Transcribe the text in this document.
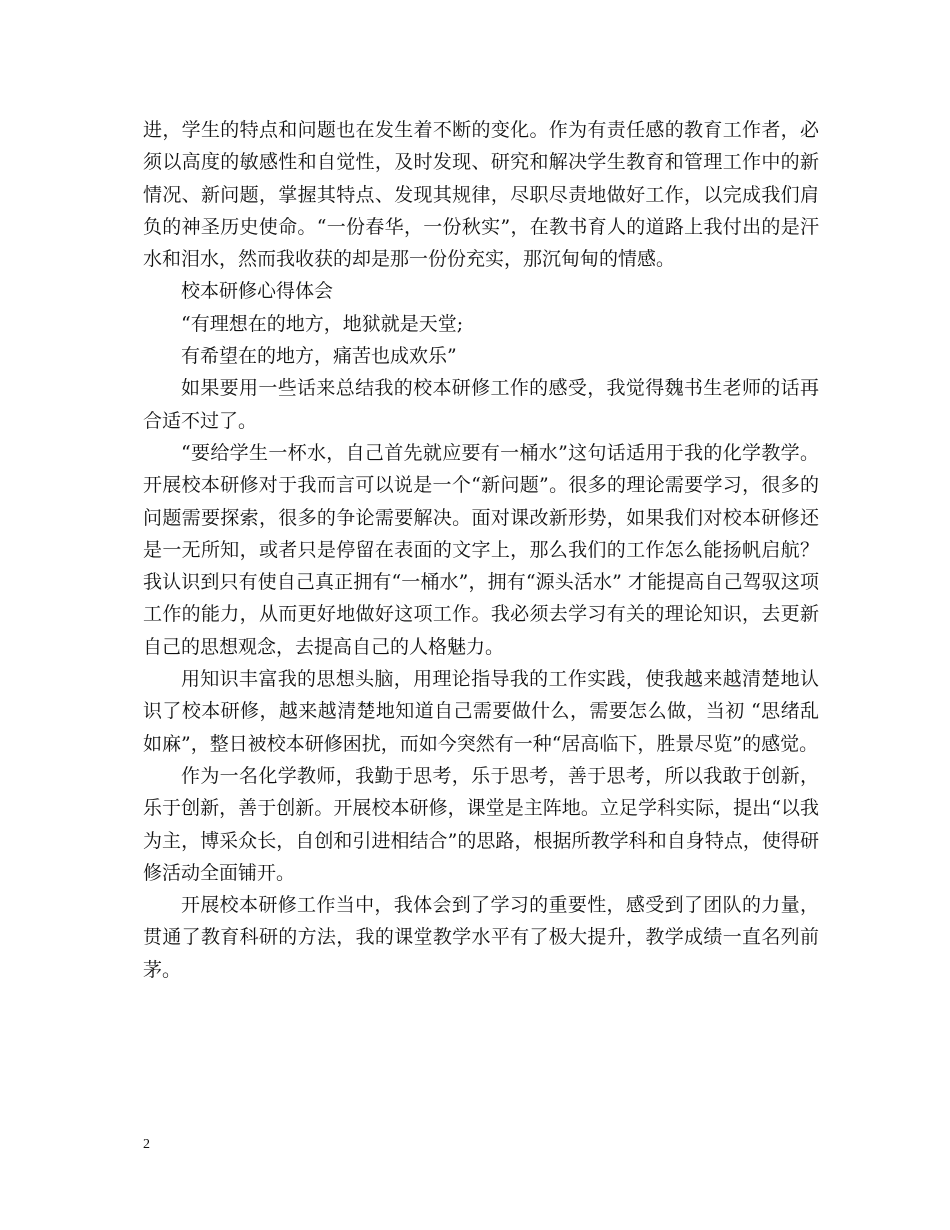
进，学生的特点和问题也在发生着不断的变化。作为有责任感的教育工作者，必须以高度的敏感性和自觉性，及时发现、研究和解决学生教育和管理工作中的新情况、新问题，掌握其特点、发现其规律，尽职尽责地做好工作，以完成我们肩负的神圣历史使命。“一份春华，一份秋实”，在教书育人的道路上我付出的是汗水和泪水，然而我收获的却是那一份份充实，那沉甸甸的情感。

校本研修心得体会

“有理想在的地方，地狱就是天堂;

有希望在的地方，痛苦也成欢乐”

如果要用一些话来总结我的校本研修工作的感受，我觉得魏书生老师的话再合适不过了。

“要给学生一杯水，自己首先就应要有一桶水”这句话适用于我的化学教学。开展校本研修对于我而言可以说是一个“新问题”。很多的理论需要学习，很多的问题需要探索，很多的争论需要解决。面对课改新形势，如果我们对校本研修还是一无所知，或者只是停留在表面的文字上，那么我们的工作怎么能扬帆启航？我认识到只有使自己真正拥有“一桶水”，拥有“源头活水” 才能提高自己驾驭这项工作的能力，从而更好地做好这项工作。我必须去学习有关的理论知识，去更新自己的思想观念，去提高自己的人格魅力。

用知识丰富我的思想头脑，用理论指导我的工作实践，使我越来越清楚地认识了校本研修，越来越清楚地知道自己需要做什么，需要怎么做，当初 “思绪乱如麻”，整日被校本研修困扰，而如今突然有一种“居高临下，胜景尽览”的感觉。

作为一名化学教师，我勤于思考，乐于思考，善于思考，所以我敢于创新，乐于创新，善于创新。开展校本研修，课堂是主阵地。立足学科实际，提出“以我为主，博采众长，自创和引进相结合”的思路，根据所教学科和自身特点，使得研修活动全面铺开。

开展校本研修工作当中，我体会到了学习的重要性，感受到了团队的力量，贯通了教育科研的方法，我的课堂教学水平有了极大提升，教学成绩一直名列前茅。

2
